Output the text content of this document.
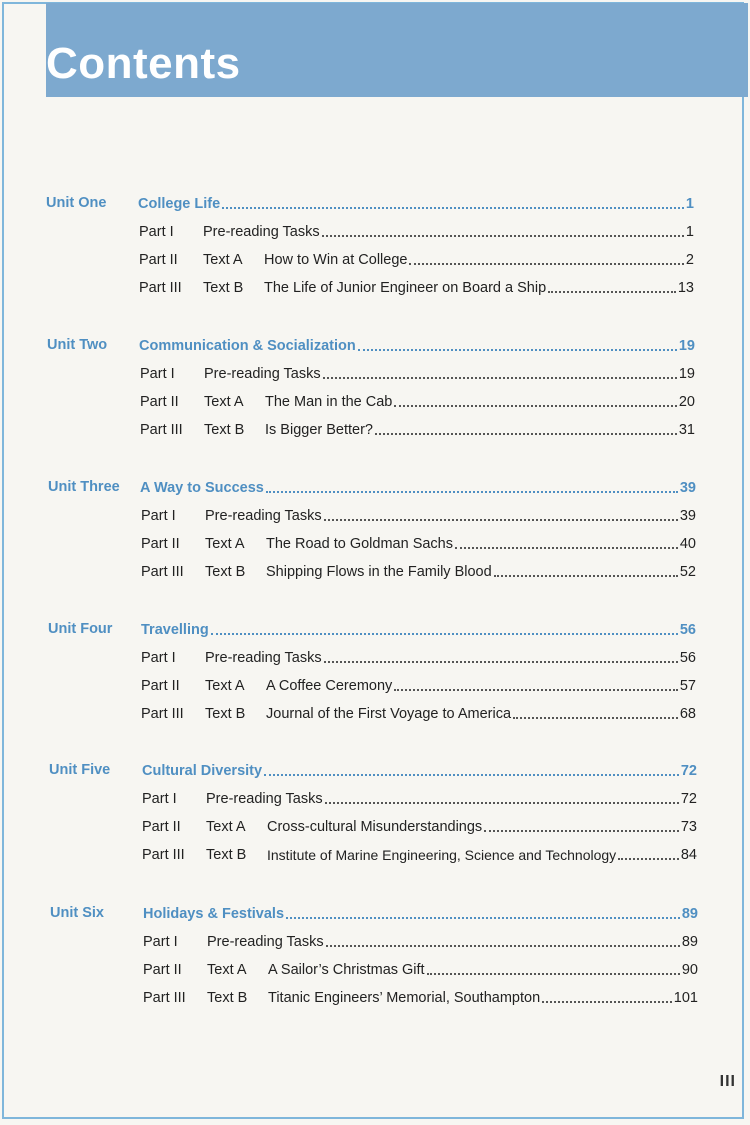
Contents
Unit One College Life	1
Part I	Pre-reading Tasks	1
Part II	Text A	How to Win at College	2
Part III	Text B	The Life of Junior Engineer on Board a Ship	13
Unit Two Communication & Socialization	19
Part I	Pre-reading Tasks	19
Part II	Text A	The Man in the Cab	20
Part III	Text B	Is Bigger Better?	31
Unit Three A Way to Success	39
Part I	Pre-reading Tasks	39
Part II	Text A	The Road to Goldman Sachs	40
Part III	Text B	Shipping Flows in the Family Blood	52
Unit Four Travelling	56
Part I	Pre-reading Tasks	56
Part II	Text A	A Coffee Ceremony	57
Part III	Text B	Journal of the First Voyage to America	68
Unit Five Cultural Diversity	72
Part I	Pre-reading Tasks	72
Part II	Text A	Cross-cultural Misunderstandings	73
Part III	Text B	Institute of Marine Engineering, Science and Technology	84
Unit Six	Holidays & Festivals	89
Part I	Pre-reading Tasks	89
Part II	Text A	A Sailor’s Christmas Gift	90
Part III	Text B	Titanic Engineers’ Memorial, Southampton	101

III
